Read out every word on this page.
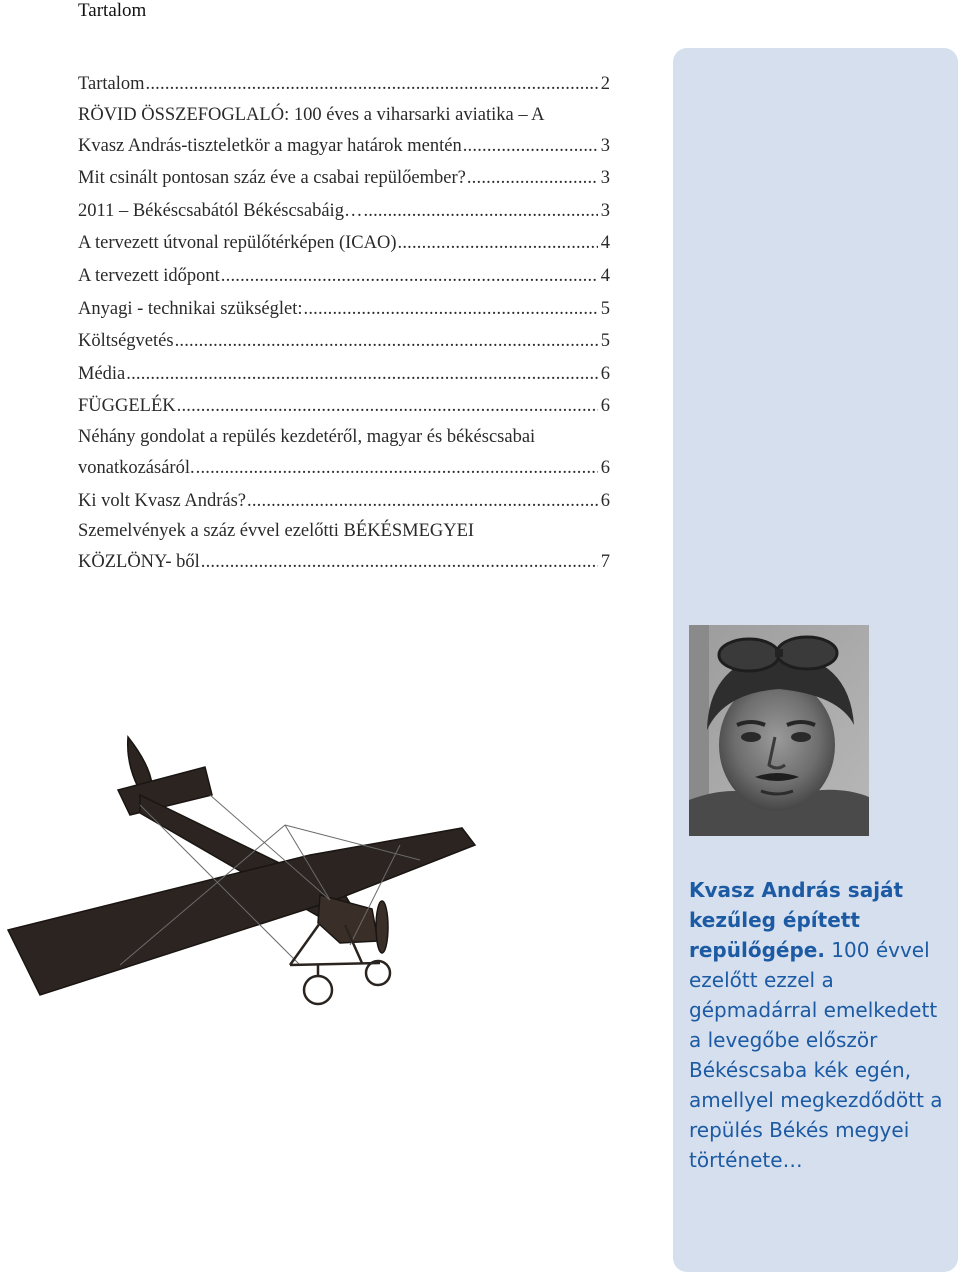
Tartalom
Tartalom .....	2
RÖVID ÖSSZEFOGLALÓ: 100 éves a viharsarki aviatika – A
Kvasz András-tiszteletkör a magyar határok mentén .....	3
Mit csinált pontosan száz éve a csabai repülőember? .....	3
2011 – Békéscsabától Békéscsabáig… .....	3
A tervezett útvonal repülőtérképen (ICAO) .....	4
A tervezett időpont .....	4
Anyagi - technikai szükséglet: .....	5
Költségvetés .....	5
Média .....	6
FÜGGELÉK .....	6
Néhány gondolat a repülés kezdetéről, magyar és békéscsabai
vonatkozásáról. .....	6
Ki volt Kvasz András? .....	6
Szemelvények a száz évvel ezelőtti BÉKÉSMEGYEI
KÖZLÖNY- ből .....	7
Kvasz András saját kezűleg épített repülőgépe. 100 évvel ezelőtt ezzel a gépmadárral emelkedett a levegőbe először Békéscsaba kék egén, amellyel megkezdődött a repülés Békés megyei története…
